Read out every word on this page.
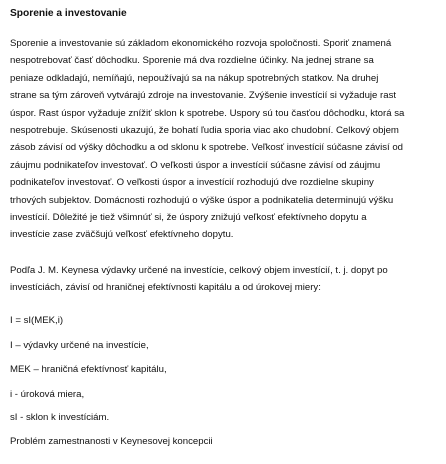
Sporenie a investovanie
Sporenie a investovanie sú základom ekonomického rozvoja spoločnosti. Sporiť znamená
nespotrebovať časť dôchodku. Sporenie má dva rozdielne účinky. Na jednej strane sa
peniaze odkladajú, nemíňajú, nepoužívajú sa na nákup spotrebných statkov. Na druhej
strane sa tým zároveň vytvárajú zdroje na investovanie. Zvýšenie investícií si vyžaduje rast
úspor. Rast úspor vyžaduje znížiť sklon k spotrebe. Uspory sú tou časťou dôchodku, ktorá sa
nespotrebuje. Skúsenosti ukazujú, že bohatí ľudia sporia viac ako chudobní. Celkový objem
zásob závisí od výšky dôchodku a od sklonu k spotrebe. Veľkosť investícií súčasne závisí od
záujmu podnikateľov investovať. O veľkosti úspor a investícií súčasne závisí od záujmu
podnikateľov investovať. O veľkosti úspor a investícií rozhodujú dve rozdielne skupiny
trhových subjektov. Domácnosti rozhodujú o výške úspor a podnikatelia determinujú výšku
investícií. Dôležité je tiež všimnúť si, že úspory znižujú veľkosť efektívneho dopytu a
investície zase zväčšujú veľkosť efektívneho dopytu.
Podľa J. M. Keynesa výdavky určené na investície, celkový objem investícií, t. j. dopyt po
investíciách, závisí od hraničnej efektívnosti kapitálu a od úrokovej miery:

I = sI(MEK,i)

I – výdavky určené na investície,

MEK – hraničná efektívnosť kapitálu,

i - úroková miera,

sI - sklon k investíciám.

Problém zamestnanosti v Keynesovej koncepcii
